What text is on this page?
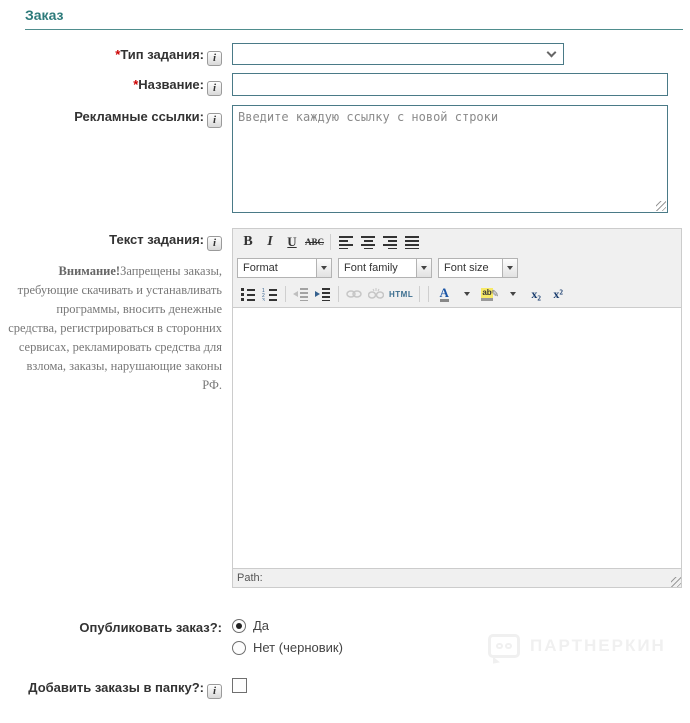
Заказ
*Тип задания: i
*Название: i
Рекламные ссылки: i
Введите каждую ссылку с новой строки
Текст задания: i
Внимание!Запрещены заказы, требующие скачивать и устанавливать программы, вносить денежные средства, регистрироваться в сторонних сервисах, рекламировать средства для взлома, заказы, нарушающие законы РФ.
B	I	U ABC
Format	Font family	Font size
1
2
3
HTML A	ab ✎	x₂	x²
Path:
Опубликовать заказ?: Да
Нет (черновик)
Добавить заказы в папку?: i
ПАРТНЕРКИН
